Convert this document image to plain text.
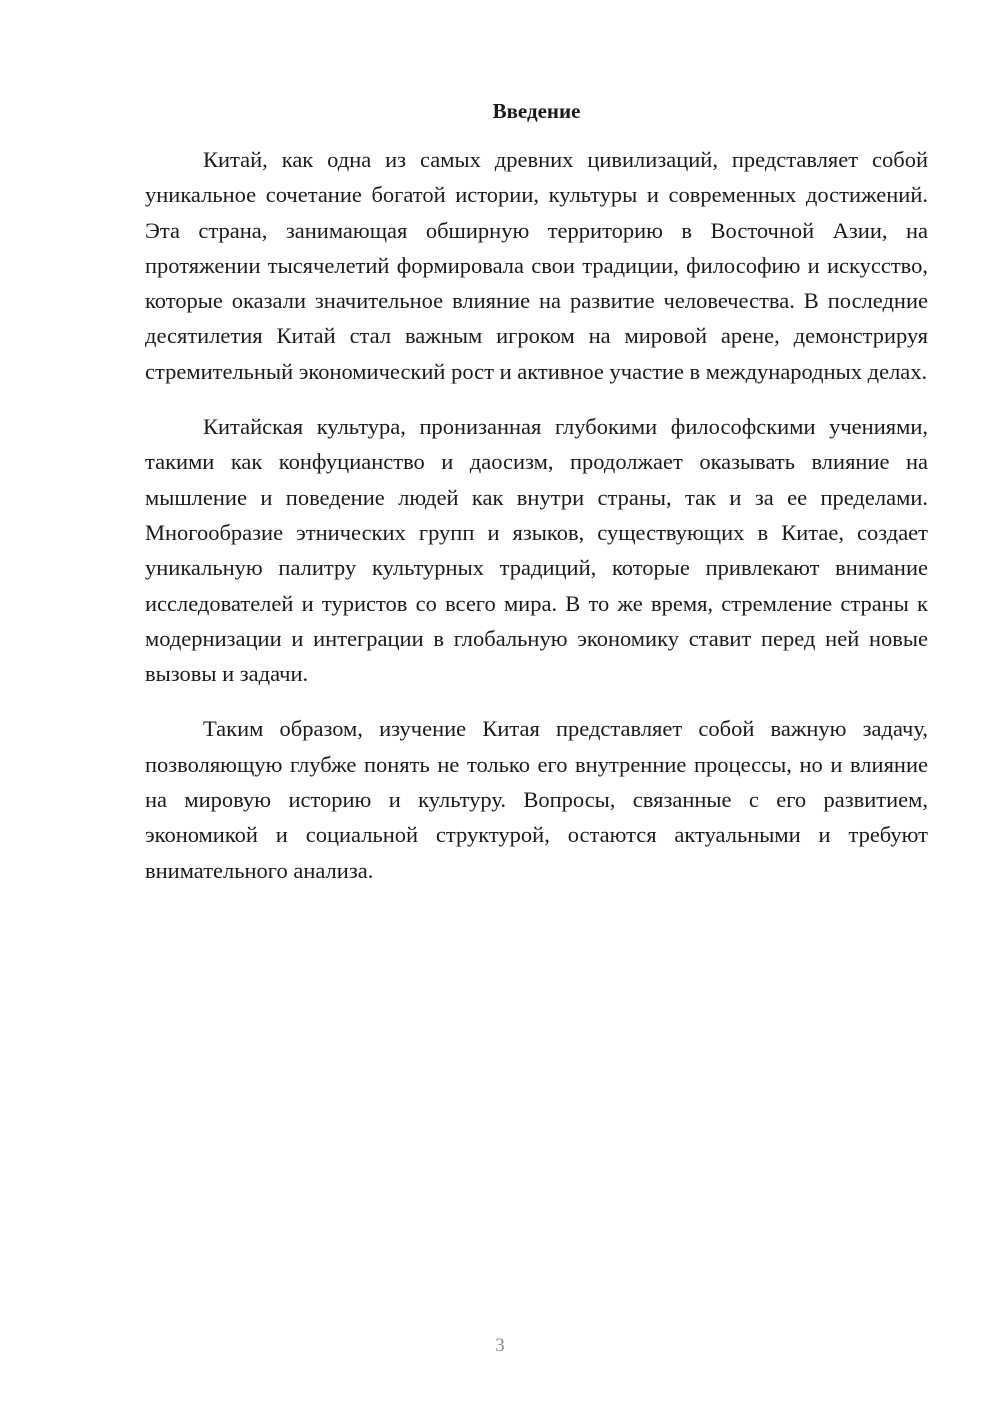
Введение

Китай, как одна из самых древних цивилизаций, представляет собой уникальное сочетание богатой истории, культуры и современных достижений. Эта страна, занимающая обширную территорию в Восточной Азии, на протяжении тысячелетий формировала свои традиции, философию и искусство, которые оказали значительное влияние на развитие человечества. В последние десятилетия Китай стал важным игроком на мировой арене, демонстрируя стремительный экономический рост и активное участие в международных делах.

Китайская культура, пронизанная глубокими философскими учениями, такими как конфуцианство и даосизм, продолжает оказывать влияние на мышление и поведение людей как внутри страны, так и за ее пределами. Многообразие этнических групп и языков, существующих в Китае, создает уникальную палитру культурных традиций, которые привлекают внимание исследователей и туристов со всего мира. В то же время, стремление страны к модернизации и интеграции в глобальную экономику ставит перед ней новые вызовы и задачи.

Таким образом, изучение Китая представляет собой важную задачу, позволяющую глубже понять не только его внутренние процессы, но и влияние на мировую историю и культуру. Вопросы, связанные с его развитием, экономикой и социальной структурой, остаются актуальными и требуют внимательного анализа.

3
